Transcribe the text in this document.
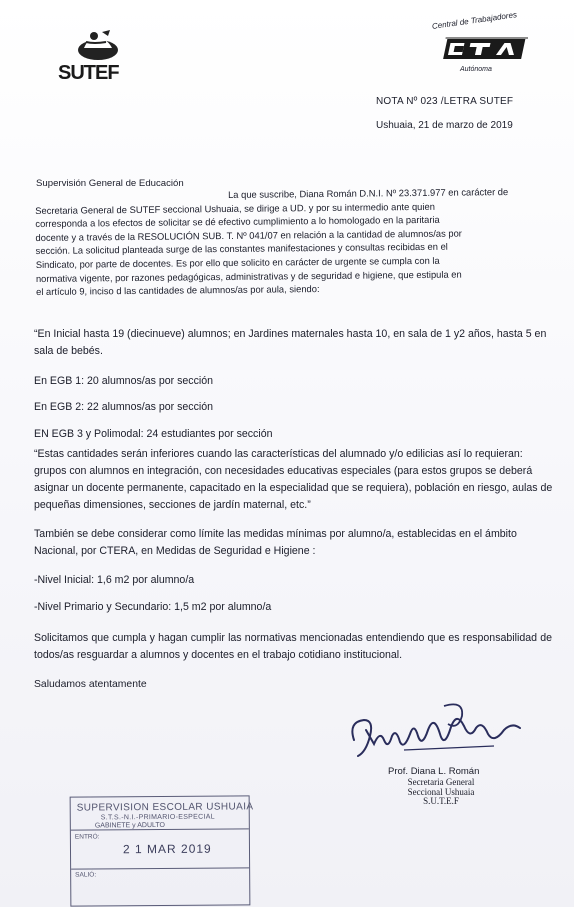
SUTEF
Central de Trabajadores
Autónoma
NOTA Nº 023 /LETRA SUTEF
Ushuaia, 21 de marzo de 2019
Supervisión General de Educación
La que suscribe, Diana Román D.N.I. Nº 23.371.977 en carácter de
Secretaria General de SUTEF seccional Ushuaia, se dirige a UD. y por su intermedio ante quien
corresponda a los efectos de solicitar se dé efectivo cumplimiento a lo homologado en la paritaria
docente y a través de la RESOLUCIÓN SUB. T. Nº 041/07 en relación a la cantidad de alumnos/as por
sección. La solicitud planteada surge de las constantes manifestaciones y consultas recibidas en el
Sindicato, por parte de docentes. Es por ello que solicito en carácter de urgente se cumpla con la
normativa vigente, por razones pedagógicas, administrativas y de seguridad e higiene, que estipula en
el artículo 9, inciso d las cantidades de alumnos/as por aula, siendo:
“En Inicial hasta 19 (diecinueve) alumnos; en Jardines maternales hasta 10, en sala de 1 y2 años, hasta 5 en sala de bebés.
En EGB 1: 20 alumnos/as por sección
En EGB 2: 22 alumnos/as por sección
EN EGB 3 y Polimodal: 24 estudiantes por sección
“Estas cantidades serán inferiores cuando las características del alumnado y/o edilicias así lo requieran: grupos con alumnos en integración, con necesidades educativas especiales (para estos grupos se deberá asignar un docente permanente, capacitado en la especialidad que se requiera), población en riesgo, aulas de pequeñas dimensiones, secciones de jardín maternal, etc.”
También se debe considerar como límite las medidas mínimas por alumno/a, establecidas en el ámbito Nacional, por CTERA, en Medidas de Seguridad e Higiene :
-Nivel Inicial: 1,6 m2 por alumno/a
-Nivel Primario y Secundario: 1,5 m2 por alumno/a
Solicitamos que cumpla y hagan cumplir las normativas mencionadas entendiendo que es responsabilidad de todos/as resguardar a alumnos y docentes en el trabajo cotidiano institucional.
Saludamos atentamente
Prof. Diana L. Román
Secretaria General
Seccional Ushuaia
S.U.T.E.F
SUPERVISION ESCOLAR USHUAIA
S.T.S.-N.I.-PRIMARIO-ESPECIAL
GABINETE y ADULTO
ENTRÓ:
2 1 MAR 2019
SALIÓ:
